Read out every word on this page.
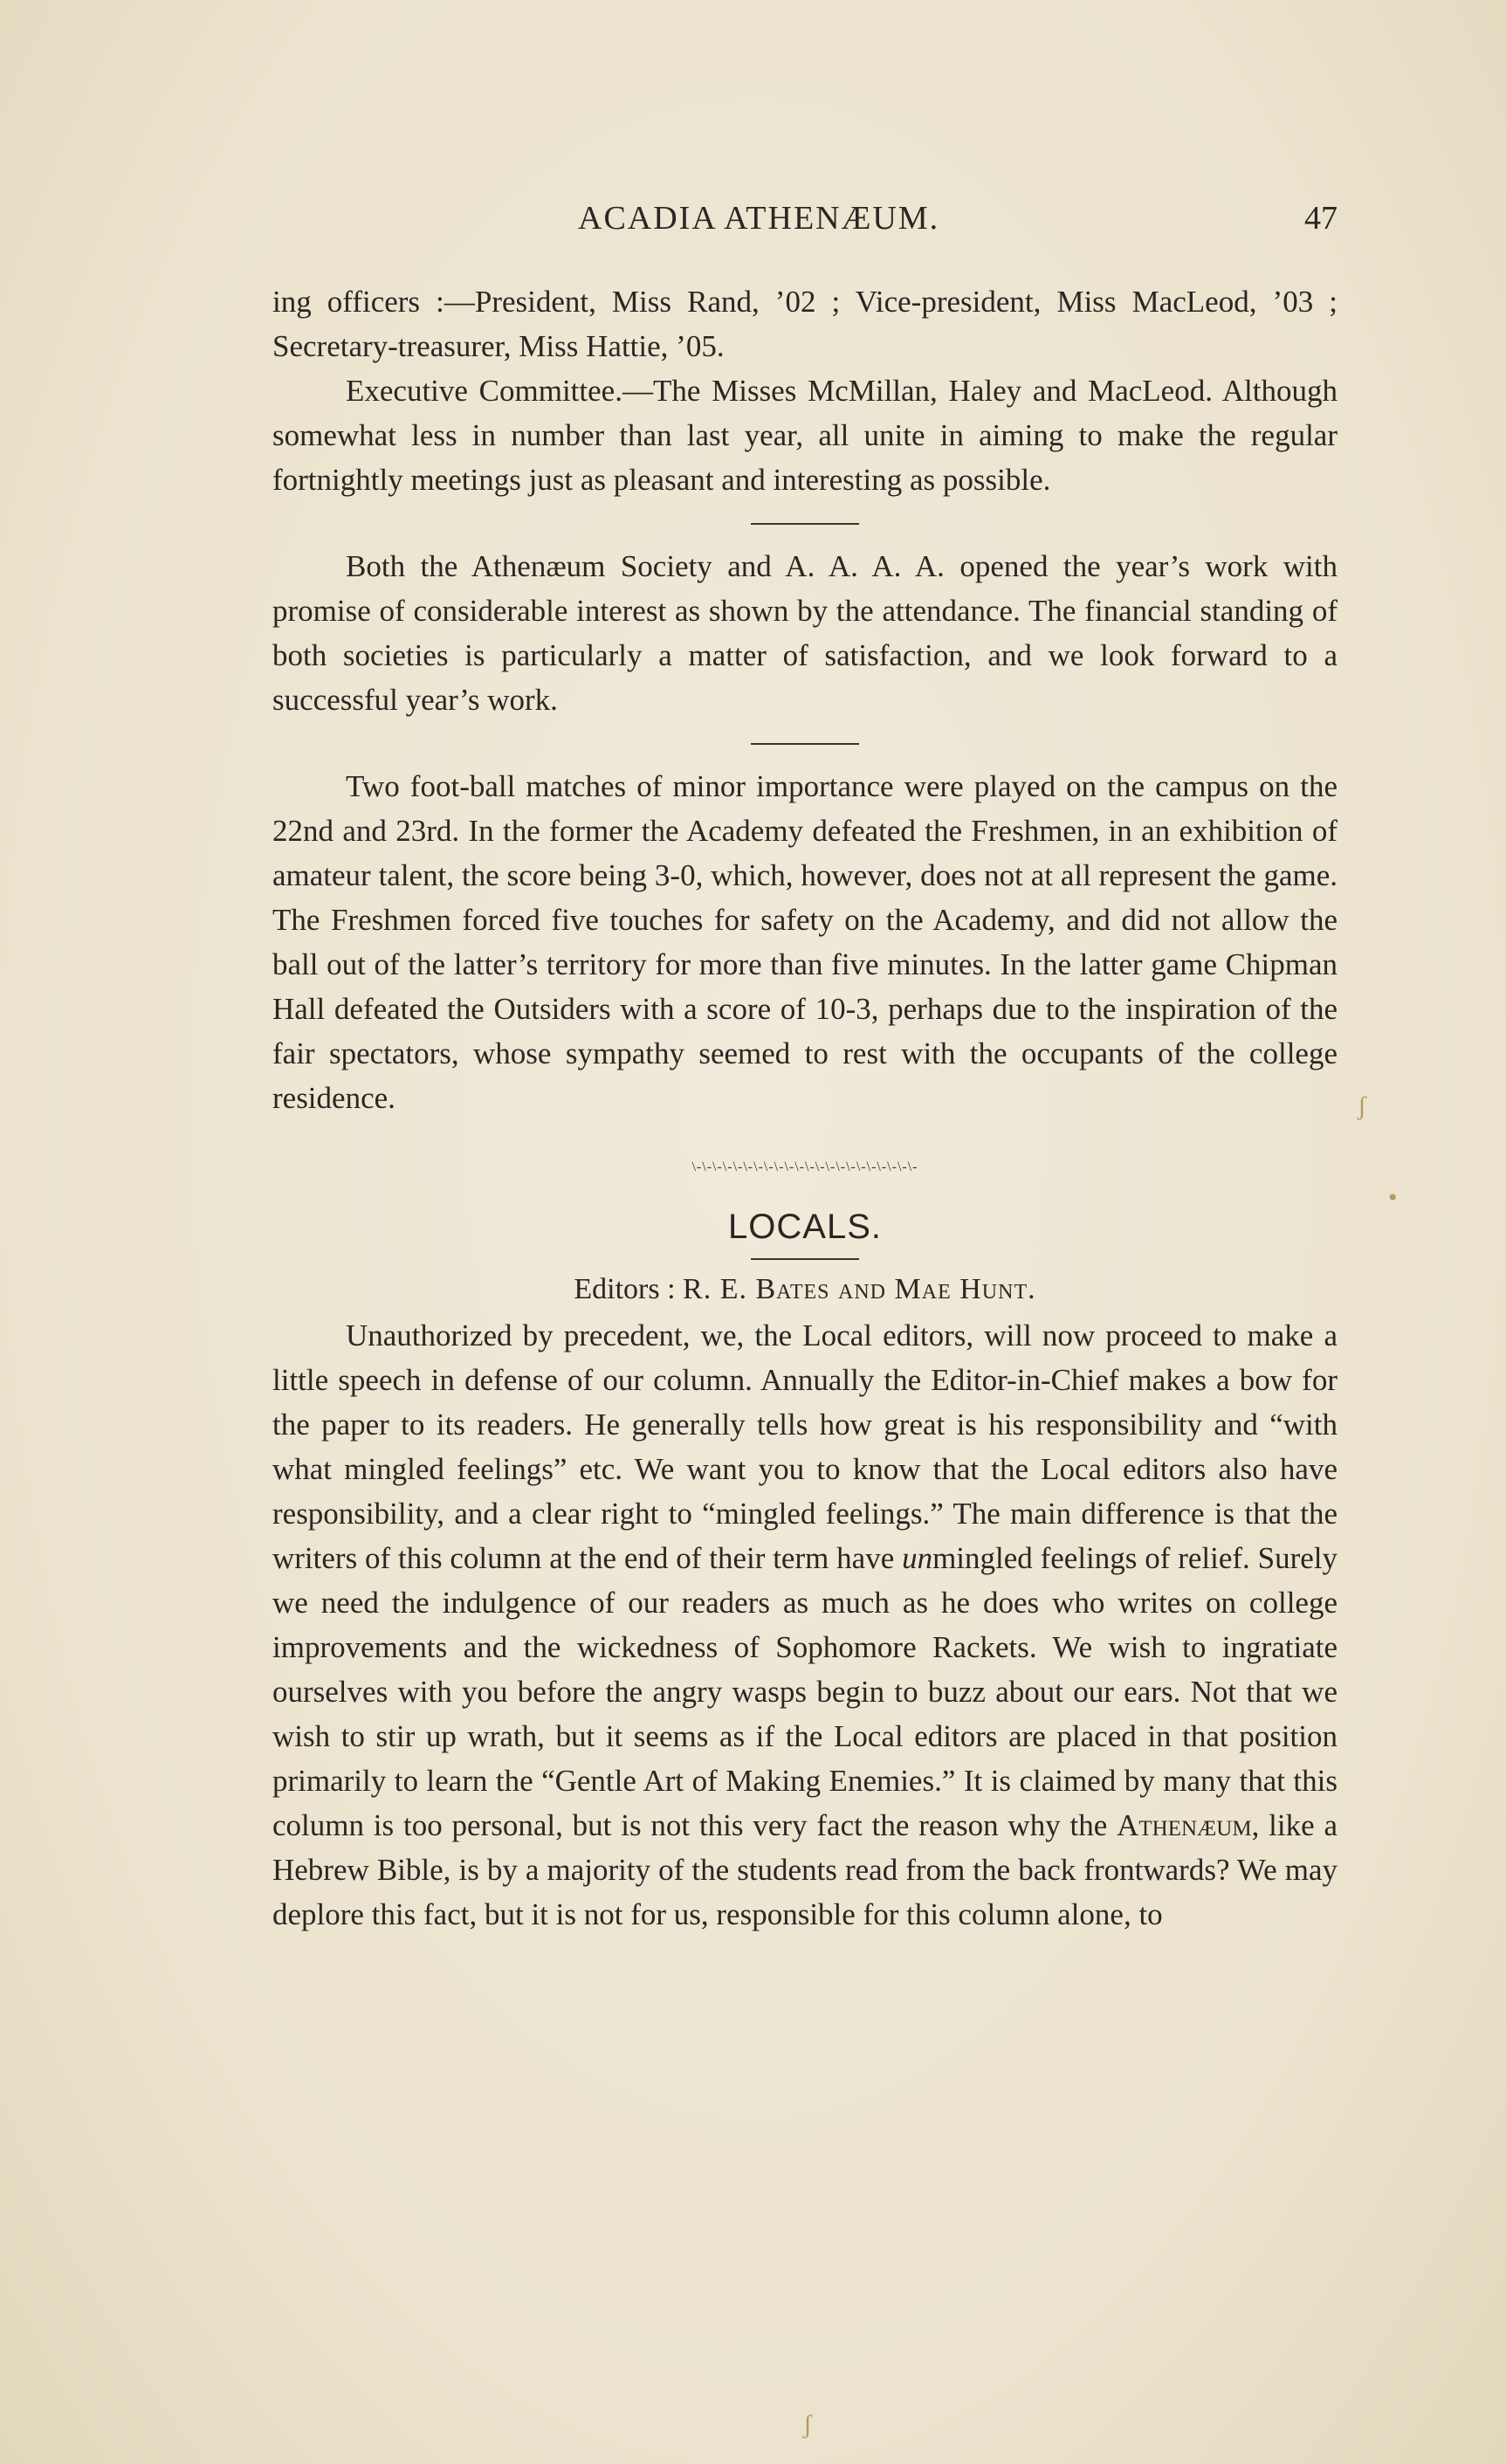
ACADIA ATHENÆUM.	47

ing officers :—President, Miss Rand, ’02 ; Vice-president, Miss MacLeod, ’03 ; Secretary-treasurer, Miss Hattie, ’05.

Executive Committee.—The Misses McMillan, Haley and MacLeod. Although somewhat less in number than last year, all unite in aiming to make the regular fortnightly meetings just as pleasant and interesting as possible.

Both the Athenæum Society and A. A. A. A. opened the year’s work with promise of considerable interest as shown by the attendance. The financial standing of both societies is particularly a matter of satisfaction, and we look forward to a successful year’s work.

Two foot-ball matches of minor importance were played on the campus on the 22nd and 23rd. In the former the Academy defeated the Freshmen, in an exhibition of amateur talent, the score being 3-0, which, however, does not at all represent the game. The Freshmen forced five touches for safety on the Academy, and did not allow the ball out of the latter’s territory for more than five minutes. In the latter game Chipman Hall defeated the Outsiders with a score of 10-3, perhaps due to the inspiration of the fair spectators, whose sympathy seemed to rest with the occupants of the college residence.

\-\-\-\-\-\-\-\-\-\-\-\-\-\-\-\-\-\-\-\-\-\-
LOCALS.
Editors : R. E. Bates and Mae Hunt.

Unauthorized by precedent, we, the Local editors, will now proceed to make a little speech in defense of our column. Annually the Editor-in-Chief makes a bow for the paper to its readers. He generally tells how great is his responsibility and “with what mingled feelings” etc. We want you to know that the Local editors also have responsibility, and a clear right to “mingled feelings.” The main difference is that the writers of this column at the end of their term have unmingled feelings of relief. Surely we need the indulgence of our readers as much as he does who writes on college improvements and the wickedness of Sophomore Rackets. We wish to ingratiate ourselves with you before the angry wasps begin to buzz about our ears. Not that we wish to stir up wrath, but it seems as if the Local editors are placed in that position primarily to learn the “Gentle Art of Making Enemies.” It is claimed by many that this column is too personal, but is not this very fact the reason why the Athenæum, like a Hebrew Bible, is by a majority of the students read from the back frontwards? We may deplore this fact, but it is not for us, responsible for this column alone, to

ʃ
•
ʃ
